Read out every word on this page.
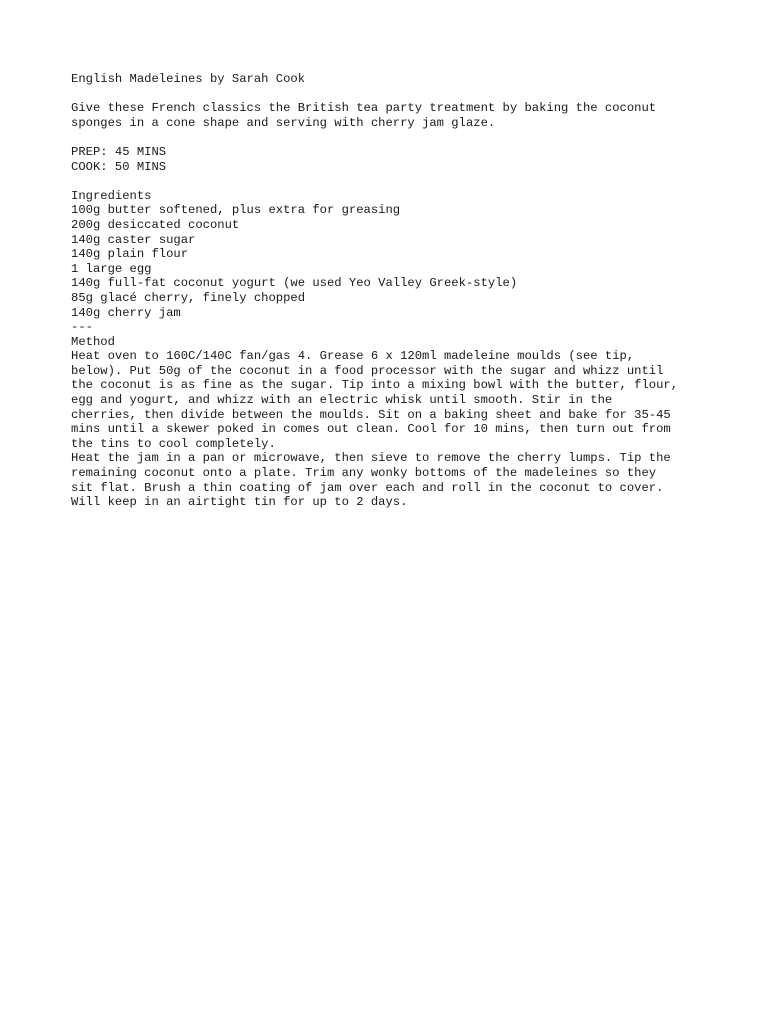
English Madeleines by Sarah Cook
Give these French classics the British tea party treatment by baking the coconut
sponges in a cone shape and serving with cherry jam glaze.
PREP: 45 MINS
COOK: 50 MINS
Ingredients
100g butter softened, plus extra for greasing
200g desiccated coconut
140g caster sugar
140g plain flour
1 large egg
140g full-fat coconut yogurt (we used Yeo Valley Greek-style)
85g glacé cherry, finely chopped
140g cherry jam
---
Method
Heat oven to 160C/140C fan/gas 4. Grease 6 x 120ml madeleine moulds (see tip,
below). Put 50g of the coconut in a food processor with the sugar and whizz until
the coconut is as fine as the sugar. Tip into a mixing bowl with the butter, flour,
egg and yogurt, and whizz with an electric whisk until smooth. Stir in the
cherries, then divide between the moulds. Sit on a baking sheet and bake for 35-45
mins until a skewer poked in comes out clean. Cool for 10 mins, then turn out from
the tins to cool completely.
Heat the jam in a pan or microwave, then sieve to remove the cherry lumps. Tip the
remaining coconut onto a plate. Trim any wonky bottoms of the madeleines so they
sit flat. Brush a thin coating of jam over each and roll in the coconut to cover.
Will keep in an airtight tin for up to 2 days.
